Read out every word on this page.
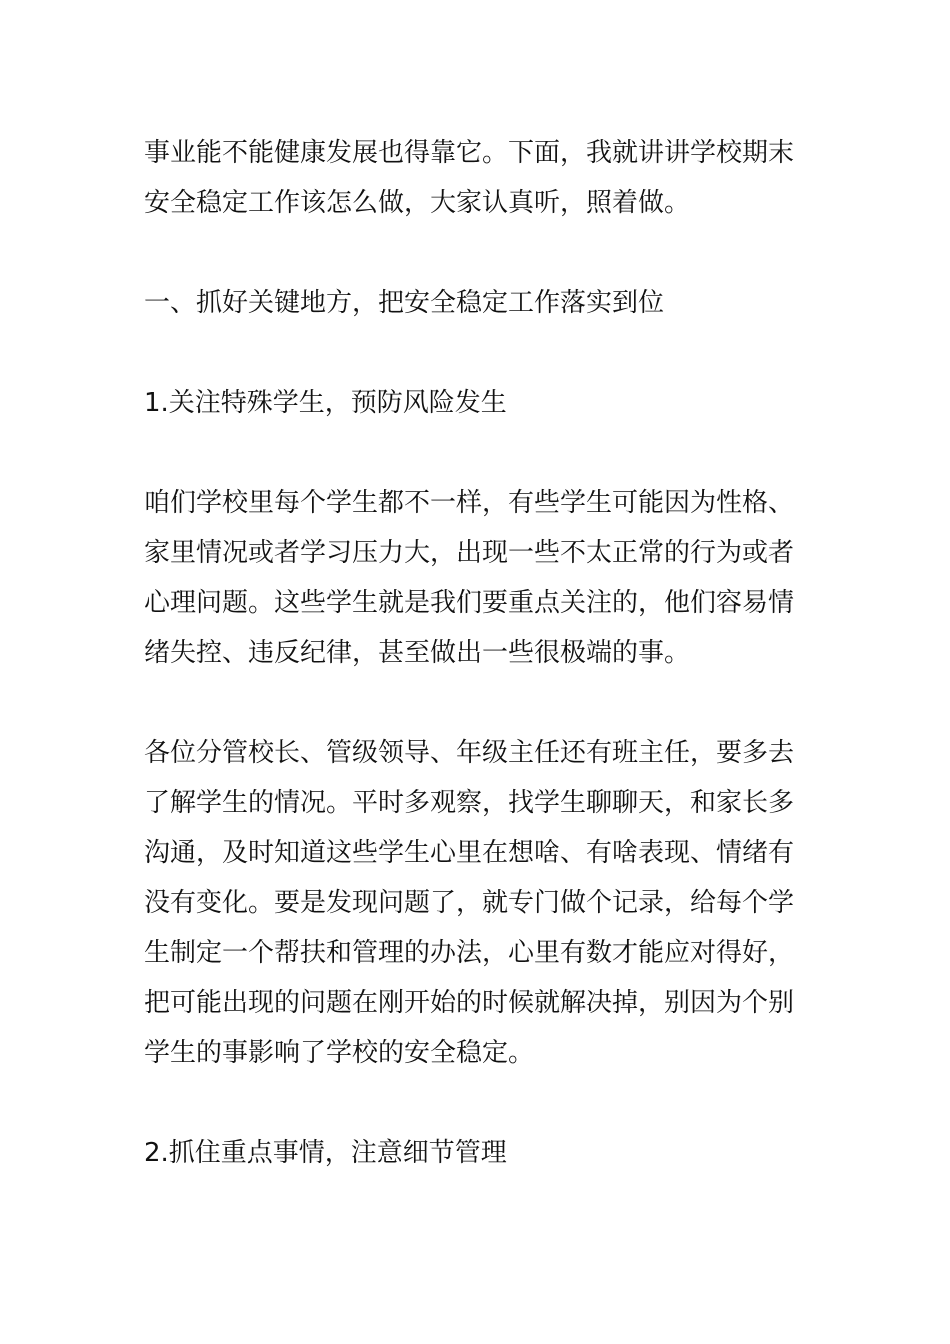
事业能不能健康发展也得靠它。下面，我就讲讲学校期末
安全稳定工作该怎么做，大家认真听，照着做。
一、抓好关键地方，把安全稳定工作落实到位
1.关注特殊学生，预防风险发生
咱们学校里每个学生都不一样，有些学生可能因为性格、
家里情况或者学习压力大，出现一些不太正常的行为或者
心理问题。这些学生就是我们要重点关注的，他们容易情
绪失控、违反纪律，甚至做出一些很极端的事。
各位分管校长、管级领导、年级主任还有班主任，要多去
了解学生的情况。平时多观察，找学生聊聊天，和家长多
沟通，及时知道这些学生心里在想啥、有啥表现、情绪有
没有变化。要是发现问题了，就专门做个记录，给每个学
生制定一个帮扶和管理的办法，心里有数才能应对得好，
把可能出现的问题在刚开始的时候就解决掉，别因为个别
学生的事影响了学校的安全稳定。
2.抓住重点事情，注意细节管理
